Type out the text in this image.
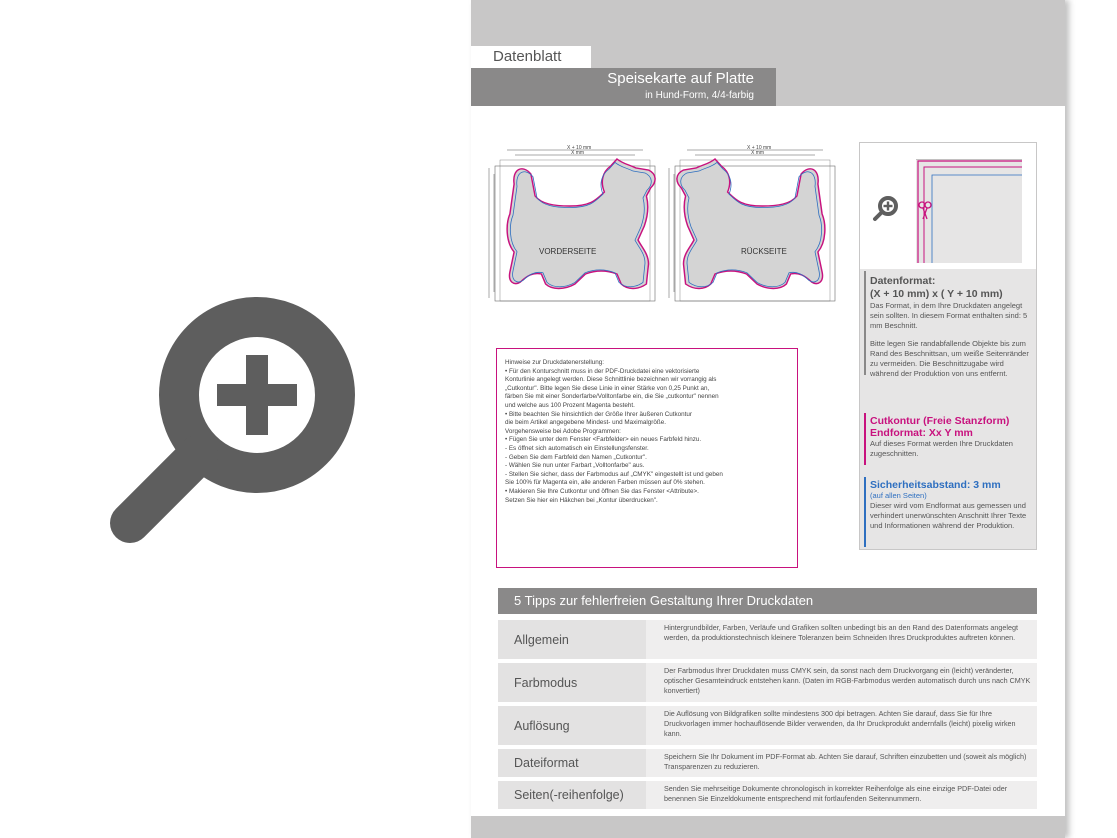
Datenblatt
Speisekarte auf Platte
in Hund-Form, 4/4-farbig
X + 10 mm
X mm
VORDERSEITE
X + 10 mm
X mm
RÜCKSEITE
Datenformat:
(X + 10 mm) x ( Y + 10 mm)
Das Format, in dem Ihre Druckdaten angelegt sein sollten. In diesem Format enthalten sind: 5 mm Beschnitt.
Bitte legen Sie randabfallende Objekte bis zum Rand des Beschnittsan, um weiße Seitenränder zu vermeiden. Die Beschnittzugabe wird während der Produktion von uns entfernt.
Cutkontur (Freie Stanzform)
Endformat: Xx Y mm
Auf dieses Format werden Ihre Druckdaten zugeschnitten.
Sicherheitsabstand: 3 mm
(auf allen Seiten)
Dieser wird vom Endformat aus gemessen und verhindert unerwünschten Anschnitt Ihrer Texte und Informationen während der Produktion.

Hinweise zur Druckdatenerstellung:

• Für den Konturschnitt muss in der PDF-Druckdatei eine vektorisierte

Konturlinie angelegt werden. Diese Schnittlinie bezeichnen wir vorrangig als

„Cutkontur". Bitte legen Sie diese Linie in einer Stärke von 0,25 Punkt an,

färben Sie mit einer Sonderfarbe/Volltonfarbe ein, die Sie „cutkontur" nennen

und welche aus 100 Prozent Magenta besteht.

• Bitte beachten Sie hinsichtlich der Größe Ihrer äußeren Cutkontur

die beim Artikel angegebene Mindest- und Maximalgröße.

Vorgehensweise bei Adobe Programmen:

• Fügen Sie unter dem Fenster <Farbfelder> ein neues Farbfeld hinzu.

- Es öffnet sich automatisch ein Einstellungsfenster.

- Geben Sie dem Farbfeld den Namen „Cutkontur".

- Wählen Sie nun unter Farbart „Volltonfarbe" aus.

- Stellen Sie sicher, dass der Farbmodus auf „CMYK" eingestellt ist und geben

Sie 100% für Magenta ein, alle anderen Farben müssen auf 0% stehen.

• Makieren Sie Ihre Cutkontur und öffnen Sie das Fenster <Attribute>.

Setzen Sie hier ein Häkchen bei „Kontur überdrucken".

5 Tipps zur fehlerfreien Gestaltung Ihrer Druckdaten
Allgemein
Hintergrundbilder, Farben, Verläufe und Grafiken sollten unbedingt bis an den Rand des Datenformats angelegt werden, da produktionstechnisch kleinere Toleranzen beim Schneiden Ihres Druckproduktes auftreten können.
Farbmodus
Der Farbmodus Ihrer Druckdaten muss CMYK sein, da sonst nach dem Druckvorgang ein (leicht) veränderter, optischer Gesamteindruck entstehen kann. (Daten im RGB-Farbmodus werden automatisch durch uns nach CMYK konvertiert)
Auflösung
Die Auflösung von Bildgrafiken sollte mindestens 300 dpi betragen. Achten Sie darauf, dass Sie für Ihre Druckvorlagen immer hochauflösende Bilder verwenden, da Ihr Druckprodukt andernfalls (leicht) pixelig wirken kann.
Dateiformat	Speichern Sie Ihr Dokument im PDF-Format ab. Achten Sie darauf, Schriften einzubetten und (soweit als möglich) Transparenzen zu reduzieren.
Seiten(-reihenfolge)	Senden Sie mehrseitige Dokumente chronologisch in korrekter Reihenfolge als eine einzige PDF-Datei oder benennen Sie Einzeldokumente entsprechend mit fortlaufenden Seitennummern.
